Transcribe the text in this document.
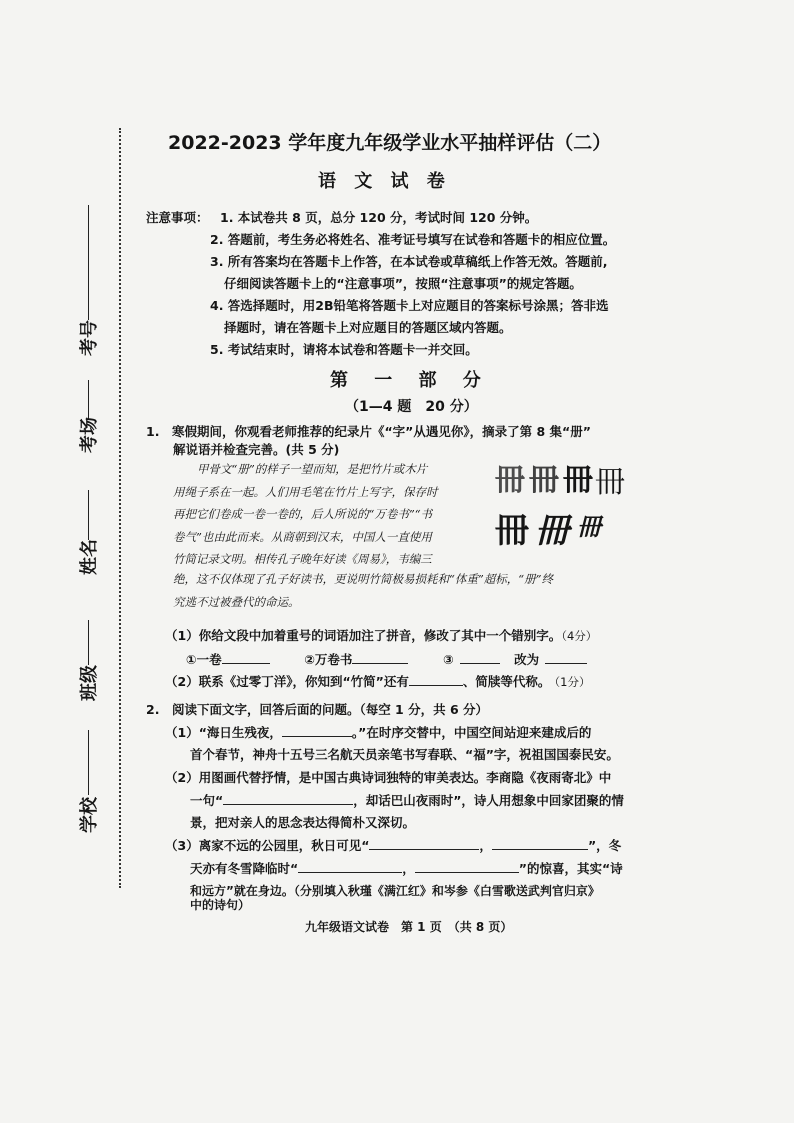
考号
考场
姓名
班级
学校
2022-2023 学年度九年级学业水平抽样评估（二）
语 文 试 卷
注意事项： 1. 本试卷共 8 页，总分 120 分，考试时间 120 分钟。
2. 答题前，考生务必将姓名、准考证号填写在试卷和答题卡的相应位置。
3. 所有答案均在答题卡上作答，在本试卷或草稿纸上作答无效。答题前,
仔细阅读答题卡上的“注意事项”，按照“注意事项”的规定答题。
4. 答选择题时，用2B铅笔将答题卡上对应题目的答案标号涂黑；答非选
择题时，请在答题卡上对应题目的答题区域内答题。
5. 考试结束时，请将本试卷和答题卡一并交回。
第 一 部 分
（1—4 题　20 分）
1.　寒假期间，你观看老师推荐的纪录片《“字”从遇见你》，摘录了第 8 集“册”
解说语并检查完善。(共 5 分)
甲骨文“册”的样子一望而知，是把竹片或木片
用绳子系在一起。人们用毛笔在竹片上写字，保存时
再把它们卷成一卷一卷的，后人所说的“万卷书”“书
卷气”也由此而来。从商朝到汉末，中国人一直使用
竹简记录文明。相传孔子晚年好读《周易》，韦编三
绝，这不仅体现了孔子好读书，更说明竹简极易损耗和“体重”超标，“册”终
究逃不过被叠代的命运。
冊 冊 冊 冊
冊 冊 冊
（1）你给文段中加着重号的词语加注了拼音，修改了其中一个错别字。（4分）
①一卷	②万卷书	③	改为
（2）联系《过零丁洋》，你知到“竹简”还有	、简牍等代称。 （1分）
2.　阅读下面文字，回答后面的问题。（每空 1 分，共 6 分）
（1）“海日生残夜，	。”在时序交替中，中国空间站迎来建成后的
首个春节，神舟十五号三名航天员亲笔书写春联、“福”字，祝祖国国泰民安。
（2）用图画代替抒情，是中国古典诗词独特的审美表达。李商隐《夜雨寄北》中
一句“	，却话巴山夜雨时”，诗人用想象中回家团聚的情
景，把对亲人的思念表达得简朴又深切。
（3）离家不远的公园里，秋日可见“	，	”，冬
天亦有冬雪降临时“	，	”的惊喜，其实“诗
和远方”就在身边。（分别填入秋瑾《满江红》和岑参《白雪歌送武判官归京》
九年级语文试卷　第 1 页　（共 8 页）
中的诗句）
